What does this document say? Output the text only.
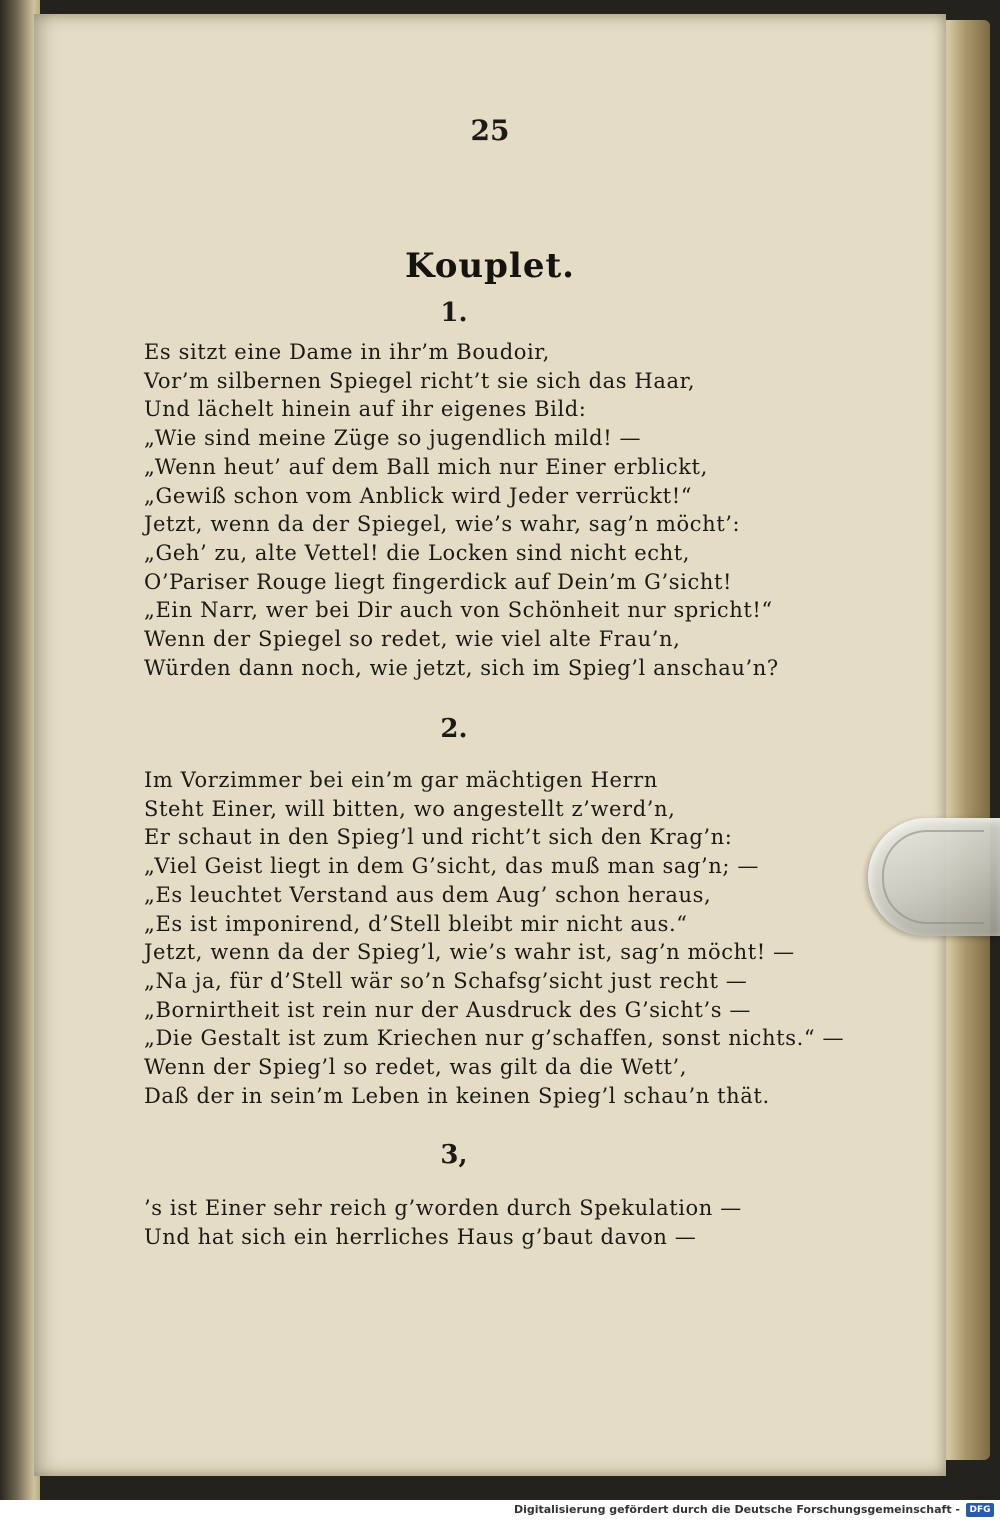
25
Kouplet.
1.
Es sitzt eine Dame in ihr’m Boudoir,
Vor’m silbernen Spiegel richt’t sie sich das Haar,
Und lächelt hinein auf ihr eigenes Bild:
„Wie sind meine Züge so jugendlich mild! —
„Wenn heut’ auf dem Ball mich nur Einer erblickt,
„Gewiß schon vom Anblick wird Jeder verrückt!“
Jetzt, wenn da der Spiegel, wie’s wahr, sag’n möcht’:
„Geh’ zu, alte Vettel! die Locken sind nicht echt,
O’Pariser Rouge liegt fingerdick auf Dein’m G’sicht!
„Ein Narr, wer bei Dir auch von Schönheit nur spricht!“
Wenn der Spiegel so redet, wie viel alte Frau’n,
Würden dann noch, wie jetzt, sich im Spieg’l anschau’n?
2.
Im Vorzimmer bei ein’m gar mächtigen Herrn
Steht Einer, will bitten, wo angestellt z’werd’n,
Er schaut in den Spieg’l und richt’t sich den Krag’n:
„Viel Geist liegt in dem G’sicht, das muß man sag’n; —
„Es leuchtet Verstand aus dem Aug’ schon heraus,
„Es ist imponirend, d’Stell bleibt mir nicht aus.“
Jetzt, wenn da der Spieg’l, wie’s wahr ist, sag’n möcht! —
„Na ja, für d’Stell wär so’n Schafsg’sicht just recht —
„Bornirtheit ist rein nur der Ausdruck des G’sicht’s —
„Die Gestalt ist zum Kriechen nur g’schaffen, sonst nichts.“ —
Wenn der Spieg’l so redet, was gilt da die Wett’,
Daß der in sein’m Leben in keinen Spieg’l schau’n thät.
3,
’s ist Einer sehr reich g’worden durch Spekulation —
Und hat sich ein herrliches Haus g’baut davon —
Digitalisierung gefördert durch die Deutsche Forschungsgemeinschaft -	DFG
